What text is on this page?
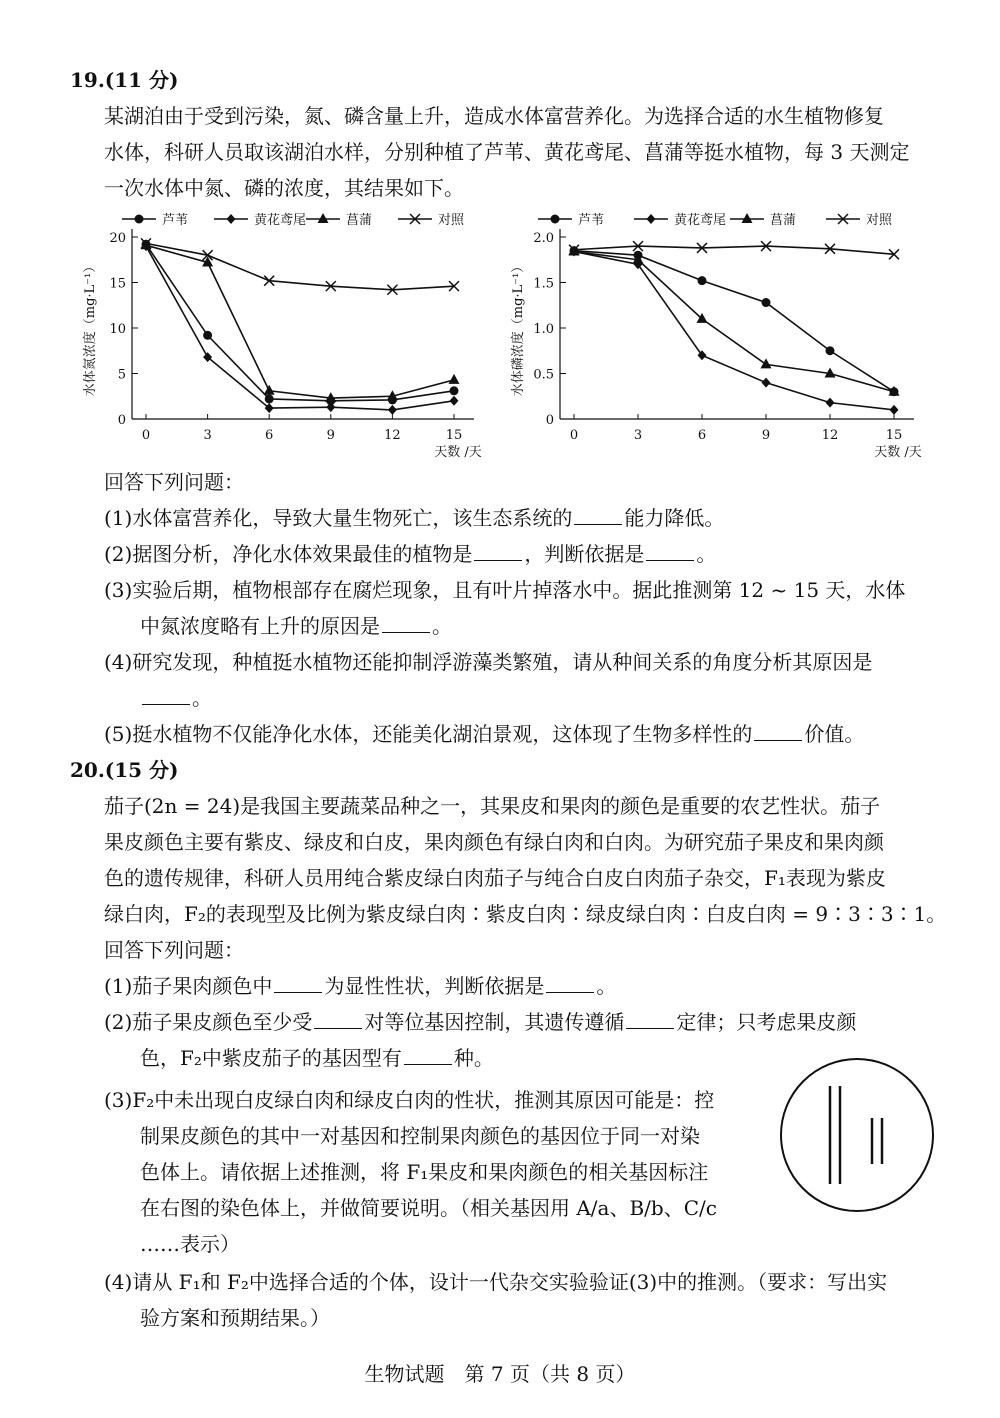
19.(11 分)
某湖泊由于受到污染，氮、磷含量上升，造成水体富营养化。为选择合适的水生植物修复
水体，科研人员取该湖泊水样，分别种植了芦苇、黄花鸢尾、菖蒲等挺水植物，每 3 天测定
一次水体中氮、磷的浓度，其结果如下。
芦苇	黄花鸢尾	菖蒲	对照
0
5
10
15
20
0	3	6	9	12	15
天数 /天
水体氮浓度（mg·L⁻¹）
芦苇	黄花鸢尾	菖蒲	对照
0
0.5
1.0
1.5
2.0
0	3	6	9	12	15
天数 /天
水体磷浓度（mg·L⁻¹）
回答下列问题：
(1)水体富营养化，导致大量生物死亡，该生态系统的	能力降低。
(2)据图分析，净化水体效果最佳的植物是	，判断依据是	。
(3)实验后期，植物根部存在腐烂现象，且有叶片掉落水中。据此推测第 12 ~ 15 天，水体
中氮浓度略有上升的原因是	。
(4)研究发现，种植挺水植物还能抑制浮游藻类繁殖，请从种间关系的角度分析其原因是
。
(5)挺水植物不仅能净化水体，还能美化湖泊景观，这体现了生物多样性的	价值。
20.(15 分)
茄子(2n = 24)是我国主要蔬菜品种之一，其果皮和果肉的颜色是重要的农艺性状。茄子
果皮颜色主要有紫皮、绿皮和白皮，果肉颜色有绿白肉和白肉。为研究茄子果皮和果肉颜
色的遗传规律，科研人员用纯合紫皮绿白肉茄子与纯合白皮白肉茄子杂交，F₁表现为紫皮
绿白肉，F₂的表现型及比例为紫皮绿白肉∶紫皮白肉∶绿皮绿白肉∶白皮白肉 = 9∶3∶3∶1。
回答下列问题：
(1)茄子果肉颜色中	为显性性状，判断依据是	。
(2)茄子果皮颜色至少受	对等位基因控制，其遗传遵循	定律；只考虑果皮颜
色，F₂中紫皮茄子的基因型有	种。
(3)F₂中未出现白皮绿白肉和绿皮白肉的性状，推测其原因可能是：控
制果皮颜色的其中一对基因和控制果肉颜色的基因位于同一对染
色体上。请依据上述推测，将 F₁果皮和果肉颜色的相关基因标注
在右图的染色体上，并做简要说明。（相关基因用 A/a、B/b、C/c
……表示）
(4)请从 F₁和 F₂中选择合适的个体，设计一代杂交实验验证(3)中的推测。（要求：写出实
验方案和预期结果。）
生物试题　第 7 页（共 8 页）
